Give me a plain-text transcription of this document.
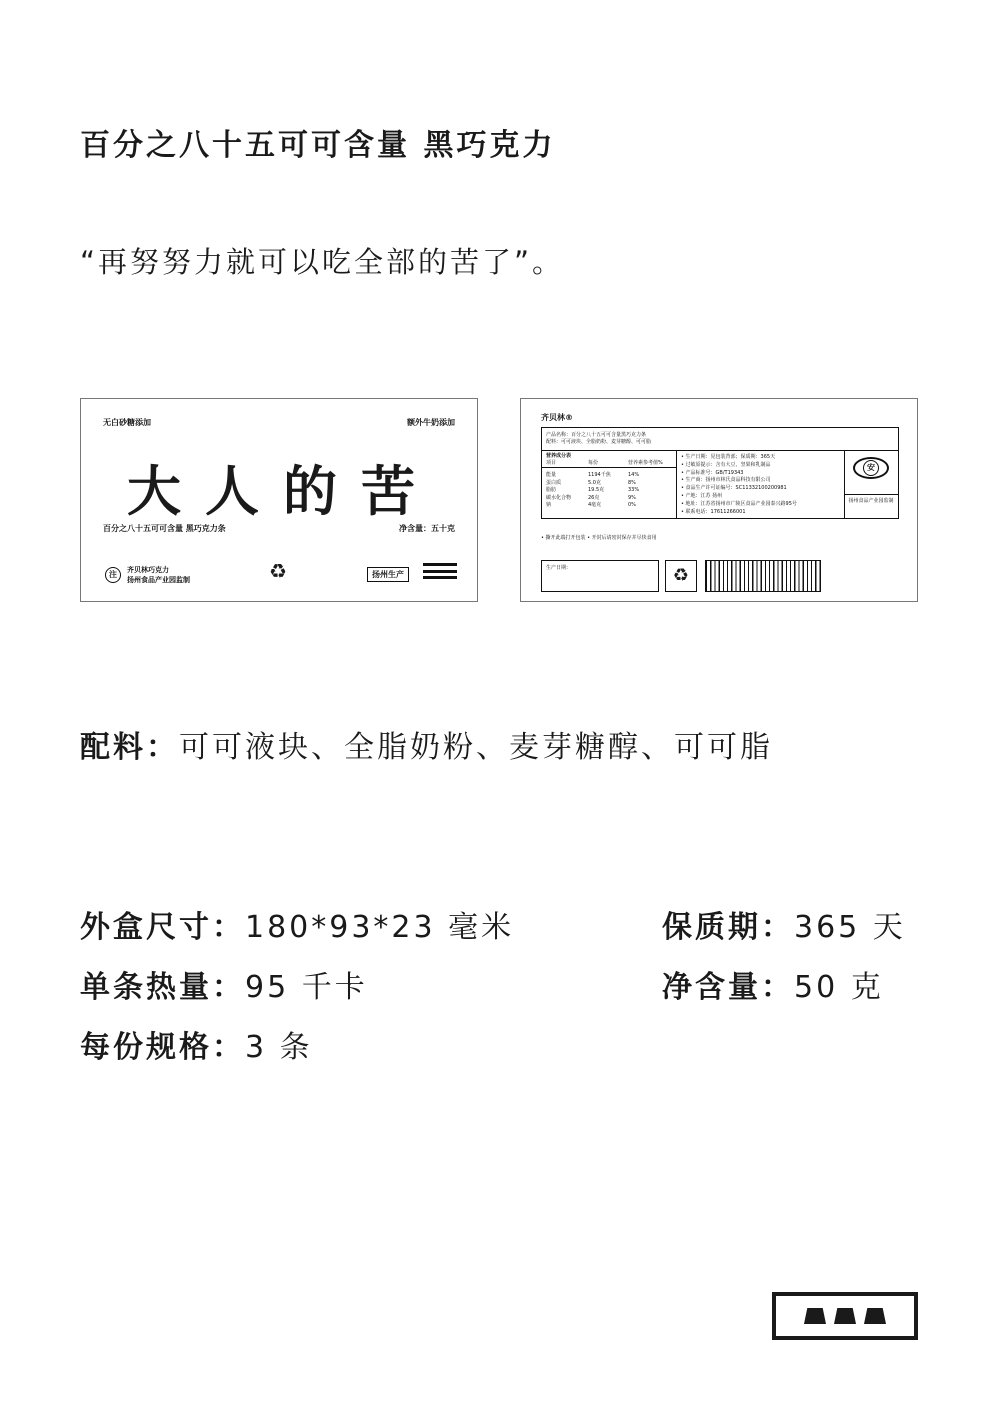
百分之八十五可可含量 黑巧克力
“再努努力就可以吃全部的苦了”。
无白砂糖添加	额外牛奶添加
大人的苦
百分之八十五可可含量 黑巧克力条	净含量：五十克
注	齐贝林巧克力
扬州食品产业园监制	♻	扬州生产
齐贝林®
产品名称：百分之八十五可可含量黑巧克力条
配料：可可液块、全脂奶粉、麦芽糖醇、可可脂
营养成分表
项目	每份	营养素参考值%
能量	1194千焦	14%
蛋白质	5.0克	8%
脂肪	19.5克	33%
碳水化合物	26克	9%
钠	4毫克	0%
• 生产日期：见包装背部；保质期：365天
• 过敏原提示：含有大豆、坚果和乳制品
• 产品标准号：GB/T19343
• 生产商：扬州市林氏食品科技有限公司
• 食品生产许可证编号：SC11332100200981
• 产地：江苏 扬州
• 地址：江苏省扬州市广陵区食品产业园泰兴路95号
• 联系电话：17611266001
安
扬州食品产业园监制
• 撕开此端打开包装 • 开封后请密封保存并尽快食用
生产日期：	♻
配料：可可液块、全脂奶粉、麦芽糖醇、可可脂
外盒尺寸：180*93*23 毫米	保质期：365 天
单条热量：95 千卡	净含量：50 克
每份规格：3 条
